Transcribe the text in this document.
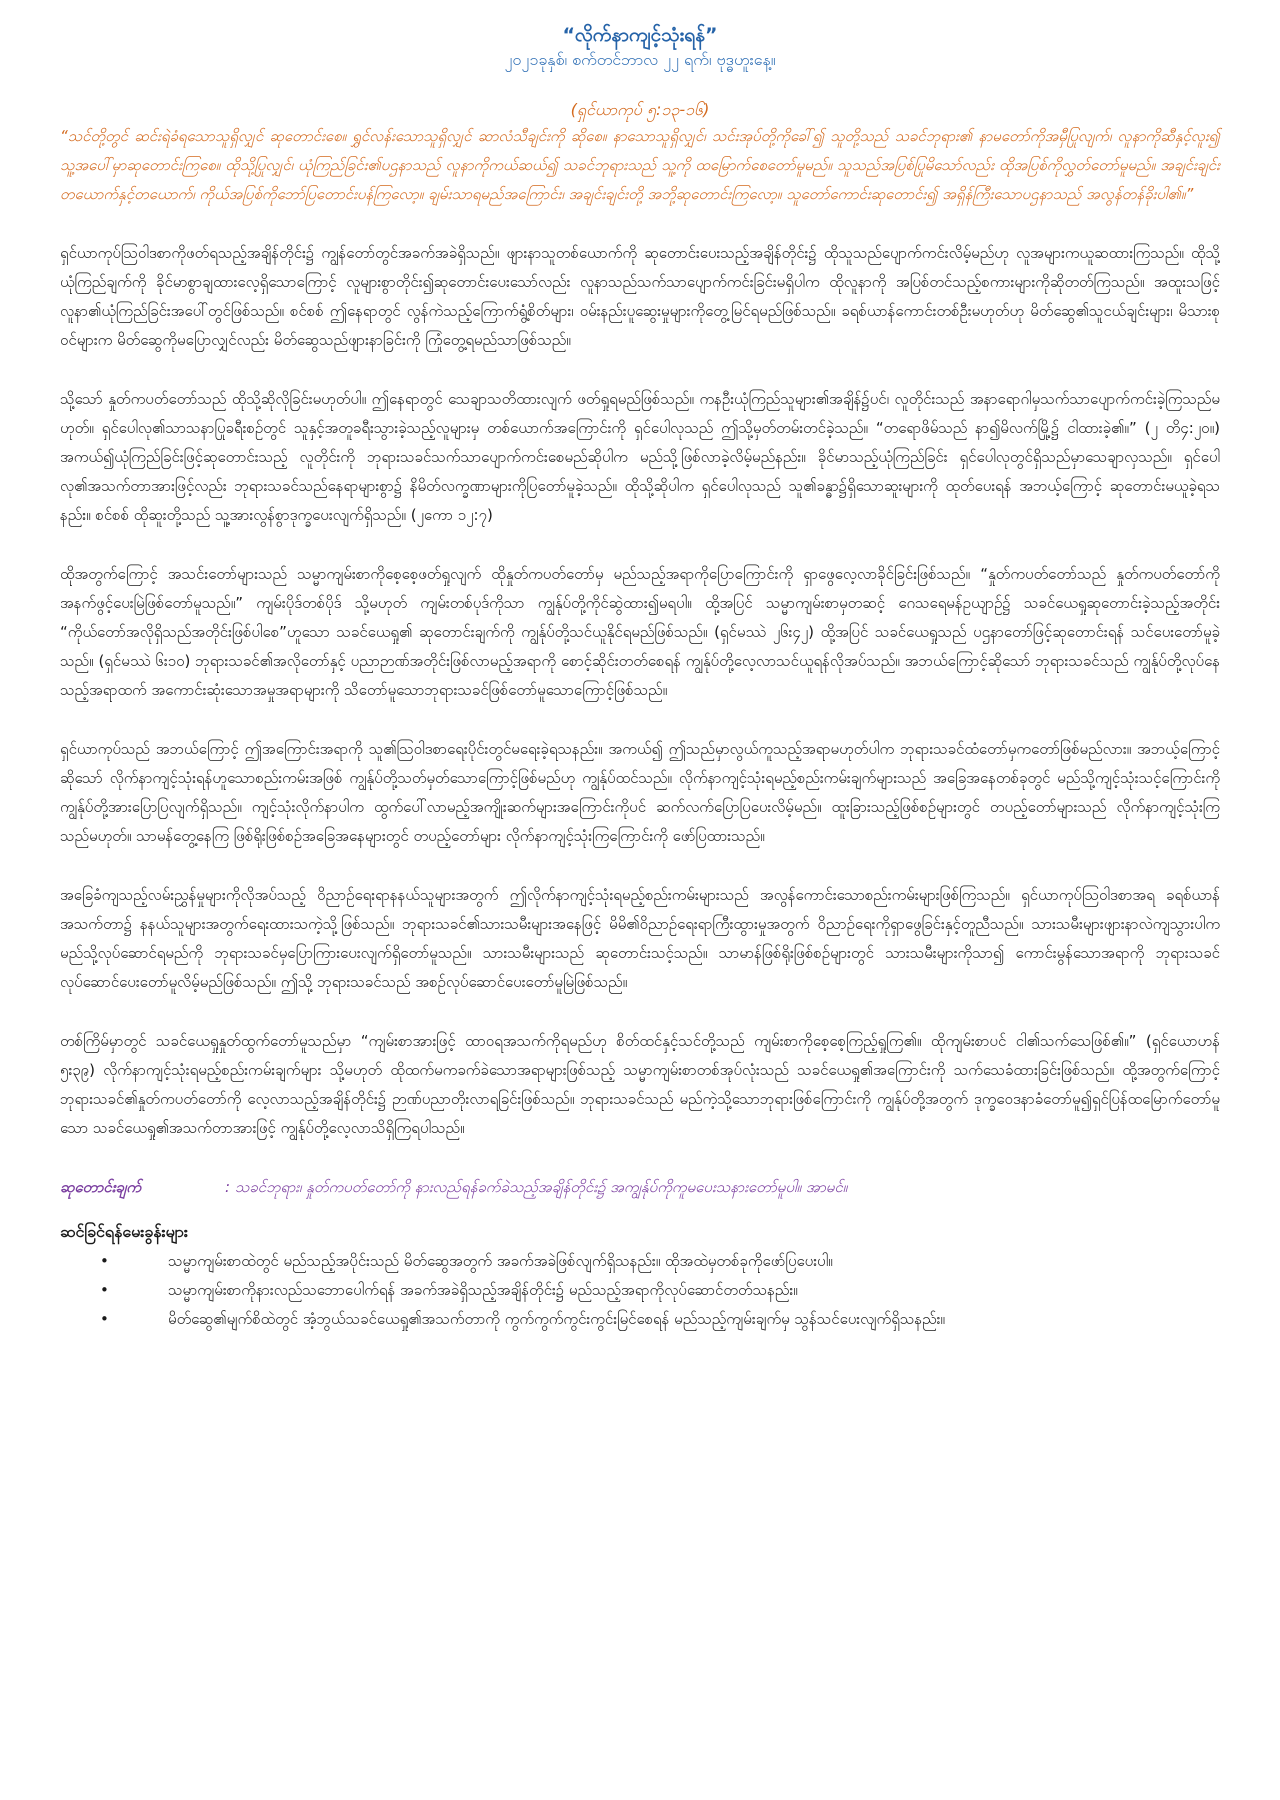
“လိုက်နာကျင့်သုံးရန်”
၂၀၂၁ခုနှစ်၊ စက်တင်ဘာလ ၂၂ ရက်၊ ဗုဒ္ဓဟူးနေ့။
(ရှင်ယာကုပ် ၅:၁၃-၁၆)

“သင်တို့တွင် ဆင်းရဲခံရသောသူရှိလျှင် ဆုတောင်းစေ။ ရွှင်လန်းသောသူရှိလျှင် ဆာလံသီချင်းကို ဆိုစေ။ နာသောသူရှိလျှင်၊ သင်းအုပ်တို့ကိုခေါ်၍ သူတို့သည် သခင်ဘုရား၏ နာမတော်ကိုအမှီပြုလျက်၊ လူနာကိုဆီနှင့်လူး၍ သူ့အပေါ်မှာဆုတောင်းကြစေ။ ထိုသို့ပြုလျှင်၊ ယုံကြည်ခြင်း၏ပဌနာသည် လူနာကိုကယ်ဆယ်၍ သခင်ဘုရားသည် သူ့ကို ထမြောက်စေတော်မူမည်။ သူသည်အပြစ်ပြုမိသော်လည်း ထိုအပြစ်ကိုလွှတ်တော်မူမည်။ အချင်းချင်းတယောက်နှင့်တယောက်၊ ကိုယ်အပြစ်ကိုဘော်ပြတောင်းပန်ကြလော့။ ချမ်းသာရမည်အကြောင်း၊ အချင်းချင်းတို့ အဘို့ဆုတောင်းကြလော့။ သူတော်ကောင်းဆုတောင်း၍ အရှိန်ကြီးသောပဌနာသည် အလွန်တန်ခိုးပါ၏။”

ရှင်ယာကုပ်သြဝါဒစာကိုဖတ်ရသည့်အချိန်တိုင်း၌ ကျွန်တော်တွင်အခက်အခဲရှိသည်။ ဖျားနာသူတစ်ယောက်ကို ဆုတောင်းပေးသည့်အချိန်တိုင်း၌ ထိုသူသည်ပျောက်ကင်းလိမ့်မည်ဟု လူအများကယူဆထားကြသည်။ ထိုသို့ယုံကြည်ချက်ကို ခိုင်မာစွာချထားလေ့ရှိသောကြောင့် လူများစွာတိုင်း၍ဆုတောင်းပေးသော်လည်း လူနာသည်သက်သာပျောက်ကင်းခြင်းမရှိပါက ထိုလူနာကို အပြစ်တင်သည့်စကားများကိုဆိုတတ်ကြသည်။ အထူးသဖြင့် လူနာ၏ယုံကြည်ခြင်းအပေါ်တွင်ဖြစ်သည်။ စင်စစ် ဤနေရာတွင် လွန်ကဲသည့်ကြောက်ရွံ့စိတ်များ၊ ဝမ်းနည်းပူဆွေးမှုများကိုတွေ့မြင်ရမည်ဖြစ်သည်။ ခရစ်ယာန်ကောင်းတစ်ဦးမဟုတ်ဟု မိတ်ဆွေ၏သူငယ်ချင်းများ၊ မိသားစုဝင်များက မိတ်ဆွေကိုမပြောလျှင်လည်း မိတ်ဆွေသည်ဖျားနာခြင်းကို ကြုံတွေ့ရမည်သာဖြစ်သည်။

သို့သော် နှုတ်ကပတ်တော်သည် ထိုသို့ဆိုလိုခြင်းမဟုတ်ပါ။ ဤနေရာတွင် သေချာသတိထားလျက် ဖတ်ရှုရမည်ဖြစ်သည်။ ကနဦးယုံကြည်သူများ၏အချိန်၌ပင်၊ လူတိုင်းသည် အနာရောဂါမှသက်သာပျောက်ကင်းခဲ့ကြသည်မဟုတ်။ ရှင်ပေါလု၏သာသနာပြုခရီးစဉ်တွင် သူနှင့်အတူခရီးသွားခဲ့သည့်လူများမှ တစ်ယောက်အကြောင်းကို ရှင်ပေါလုသည် ဤသို့မှတ်တမ်းတင်ခဲ့သည်။ “တရောဖိမ်သည် နာ၍မိလက်မြို့၌ ငါထားခဲ့၏။” (၂ တိ၄:၂၀။) အကယ်၍ယုံကြည်ခြင်းဖြင့်ဆုတောင်းသည့် လူတိုင်းကို ဘုရားသခင်သက်သာပျောက်ကင်းစေမည်ဆိုပါက မည်သို့ဖြစ်လာခဲ့လိမ့်မည်နည်း။ ခိုင်မာသည့်ယုံကြည်ခြင်း ရှင်ပေါလုတွင်ရှိသည်မှာသေချာလှသည်။ ရှင်ပေါလု၏အသက်တာအားဖြင့်လည်း ဘုရားသခင်သည်နေရာများစွာ၌ နိမိတ်လက္ခဏာများကိုပြတော်မူခဲ့သည်။ ထိုသို့ဆိုပါက ရှင်ပေါလုသည် သူ၏ခန္ဓာ၌ရှိသောဆူးများကို ထုတ်ပေးရန် အဘယ့်ကြောင့် ဆုတောင်းမယူခဲ့ရသနည်း။ စင်စစ် ထိုဆူးတို့သည် သူ့အားလွန်စွာဒုက္ခပေးလျက်ရှိသည်။ (၂ကော ၁၂:၇)

ထိုအတွက်ကြောင့် အသင်းတော်များသည် သမ္မာကျမ်းစာကိုစေ့စေ့ဖတ်ရှုလျက် ထိုနှုတ်ကပတ်တော်မှ မည်သည့်အရာကိုပြောကြောင်းကို ရှာဖွေလေ့လာခိုင်ခြင်းဖြစ်သည်။ “နှုတ်ကပတ်တော်သည် နှုတ်ကပတ်တော်ကို အနက်ဖွင့်ပေးမြဲဖြစ်တော်မူသည်။” ကျမ်းပိုဒ်တစ်ပိုဒ် သို့မဟုတ် ကျမ်းတစ်ပုဒ်ကိုသာ ကျွန်ုပ်တို့ကိုင်ဆွဲထား၍မရပါ။ ထို့အပြင် သမ္မာကျမ်းစာမှတဆင့် ဂေသရေမန်ဥယျာဉ်၌ သခင်ယေရှုဆုတောင်းခဲ့သည့်အတိုင်း “ကိုယ်တော်အလိုရှိသည်အတိုင်းဖြစ်ပါစေ”ဟူသော သခင်ယေရှု၏ ဆုတောင်းချက်ကို ကျွန်ုပ်တို့သင်ယူနိုင်ရမည်ဖြစ်သည်။ (ရှင်မဿဲ ၂၆း၄၂) ထို့အပြင် သခင်ယေရှုသည် ပဌနာတော်ဖြင့်ဆုတောင်းရန် သင်ပေးတော်မူခဲ့သည်။ (ရှင်မဿဲ ၆း၁၀) ဘုရားသခင်၏အလိုတော်နှင့် ပညာဉာဏ်အတိုင်းဖြစ်လာမည့်အရာကို စောင့်ဆိုင်းတတ်စေရန် ကျွန်ုပ်တို့လေ့လာသင်ယူရန်လိုအပ်သည်။ အဘယ်ကြောင့်ဆိုသော် ဘုရားသခင်သည် ကျွန်ုပ်တို့လုပ်နေသည့်အရာထက် အကောင်းဆုံးသောအမှုအရာများကို သိတော်မူသောဘုရားသခင်ဖြစ်တော်မူသောကြောင့်ဖြစ်သည်။

ရှင်ယာကုပ်သည် အဘယ်ကြောင့် ဤအကြောင်းအရာကို သူ၏သြဝါဒစာရေးပိုင်းတွင်မရေးခဲ့ရသနည်း။ အကယ်၍ ဤသည်မှာလွယ်ကူသည့်အရာမဟုတ်ပါက ဘုရားသခင်ထံတော်မှကတော်ဖြစ်မည်လား။ အဘယ့်ကြောင့်ဆိုသော် လိုက်နာကျင့်သုံးရန်ဟူသောစည်းကမ်းအဖြစ် ကျွန်ုပ်တို့သတ်မှတ်သောကြောင့်ဖြစ်မည်ဟု ကျွန်ုပ်ထင်သည်။ လိုက်နာကျင့်သုံးရမည့်စည်းကမ်းချက်များသည် အခြေအနေတစ်ခုတွင် မည်သို့ကျင့်သုံးသင့်ကြောင်းကို ကျွန်ုပ်တို့အားပြောပြလျက်ရှိသည်။ ကျင့်သုံးလိုက်နာပါက ထွက်ပေါ်လာမည့်အကျိုးဆက်များအကြောင်းကိုပင် ဆက်လက်ပြောပြပေးလိမ့်မည်။ ထူးခြားသည့်ဖြစ်စဉ်များတွင် တပည့်တော်များသည် လိုက်နာကျင့်သုံးကြသည်မဟုတ်။ သာမန်တွေ့နေကြ ဖြစ်ရိုးဖြစ်စဉ်အခြေအနေများတွင် တပည့်တော်များ လိုက်နာကျင့်သုံးကြကြောင်းကို ဖော်ပြထားသည်။

အခြေခံကျသည့်လမ်းညွှန်မှုများကိုလိုအပ်သည့် ဝိညာဉ်ရေးရာနနယ်သူများအတွက် ဤလိုက်နာကျင့်သုံးရမည့်စည်းကမ်းများသည် အလွန်ကောင်းသောစည်းကမ်းများဖြစ်ကြသည်။ ရှင်ယာကုပ်သြဝါဒစာအရ ခရစ်ယာန်အသက်တာ၌ နနယ်သူများအတွက်ရေးထားသကဲ့သို့ဖြစ်သည်။ ဘုရားသခင်၏သားသမီးများအနေဖြင့် မိမိ၏ဝိညာဉ်ရေးရာကြီးထွားမှုအတွက် ဝိညာဉ်ရေးကိုရှာဖွေခြင်းနှင့်တူညီသည်။ သားသမီးများဖျားနာလဲကျသွားပါက မည်သို့လုပ်ဆောင်ရမည်ကို ဘုရားသခင်မှပြောကြားပေးလျက်ရှိတော်မူသည်။ သားသမီးများသည် ဆုတောင်းသင့်သည်။ သာမာန်ဖြစ်ရိုးဖြစ်စဉ်များတွင် သားသမီးများကိုသာ၍ ကောင်းမွန်သောအရာကို ဘုရားသခင်လုပ်ဆောင်ပေးတော်မူလိမ့်မည်ဖြစ်သည်။ ဤသို့ ဘုရားသခင်သည် အစဉ်လုပ်ဆောင်ပေးတော်မူမြဲဖြစ်သည်။

တစ်ကြိမ်မှာတွင် သခင်ယေရှုနှုတ်ထွက်တော်မူသည်မှာ “ကျမ်းစာအားဖြင့် ထာဝရအသက်ကိုရမည်ဟု စိတ်ထင်နှင့်သင်တို့သည် ကျမ်းစာကိုစေ့စေ့ကြည့်ရှုကြ၏။ ထိုကျမ်းစာပင် ငါ၏သက်သေဖြစ်၏။” (ရှင်ယောဟန် ၅း၃၉) လိုက်နာကျင့်သုံးရမည့်စည်းကမ်းချက်များ သို့မဟုတ် ထိုထက်မကခက်ခဲသောအရာများဖြစ်သည့် သမ္မာကျမ်းစာတစ်အုပ်လုံးသည် သခင်ယေရှု၏အကြောင်းကို သက်သေခံထားခြင်းဖြစ်သည်။ ထို့အတွက်ကြောင့် ဘုရားသခင်၏နှုတ်ကပတ်တော်ကို လေ့လာသည့်အချိန်တိုင်း၌ ဉာဏ်ပညာတိုးလာရခြင်းဖြစ်သည်။ ဘုရားသခင်သည် မည်ကဲ့သို့သောဘုရားဖြစ်ကြောင်းကို ကျွန်ုပ်တို့အတွက် ဒုက္ခဝေဒနာခံတော်မူ၍ရှင်ပြန်ထမြောက်တော်မူသော သခင်ယေရှု၏အသက်တာအားဖြင့် ကျွန်ုပ်တို့လေ့လာသိရှိကြရပါသည်။

ဆုတောင်းချက်	: သခင်ဘုရား၊ နှုတ်ကပတ်တော်ကို နားလည်ရန်ခက်ခဲသည့်အချိန်တိုင်း၌ အကျွန်ုပ်ကိုကူမပေးသနားတော်မူပါ။ အာမင်။
ဆင်ခြင်ရန်မေးခွန်းများ
•	သမ္မာကျမ်းစာထဲတွင် မည်သည့်အပိုင်းသည် မိတ်ဆွေအတွက် အခက်အခဲဖြစ်လျက်ရှိသနည်း။ ထိုအထဲမှတစ်ခုကိုဖော်ပြပေးပါ။
•	သမ္မာကျမ်းစာကိုနားလည်သဘောပေါက်ရန် အခက်အခဲရှိသည့်အချိန်တိုင်း၌ မည်သည့်အရာကိုလုပ်ဆောင်တတ်သနည်း။
•	မိတ်ဆွေ၏မျက်စိထဲတွင် အံ့ဘွယ်သခင်ယေရှု၏အသက်တာကို ကွက်ကွက်ကွင်းကွင်းမြင်စေရန် မည်သည့်ကျမ်းချက်မှ သွန်သင်ပေးလျက်ရှိသနည်း။
